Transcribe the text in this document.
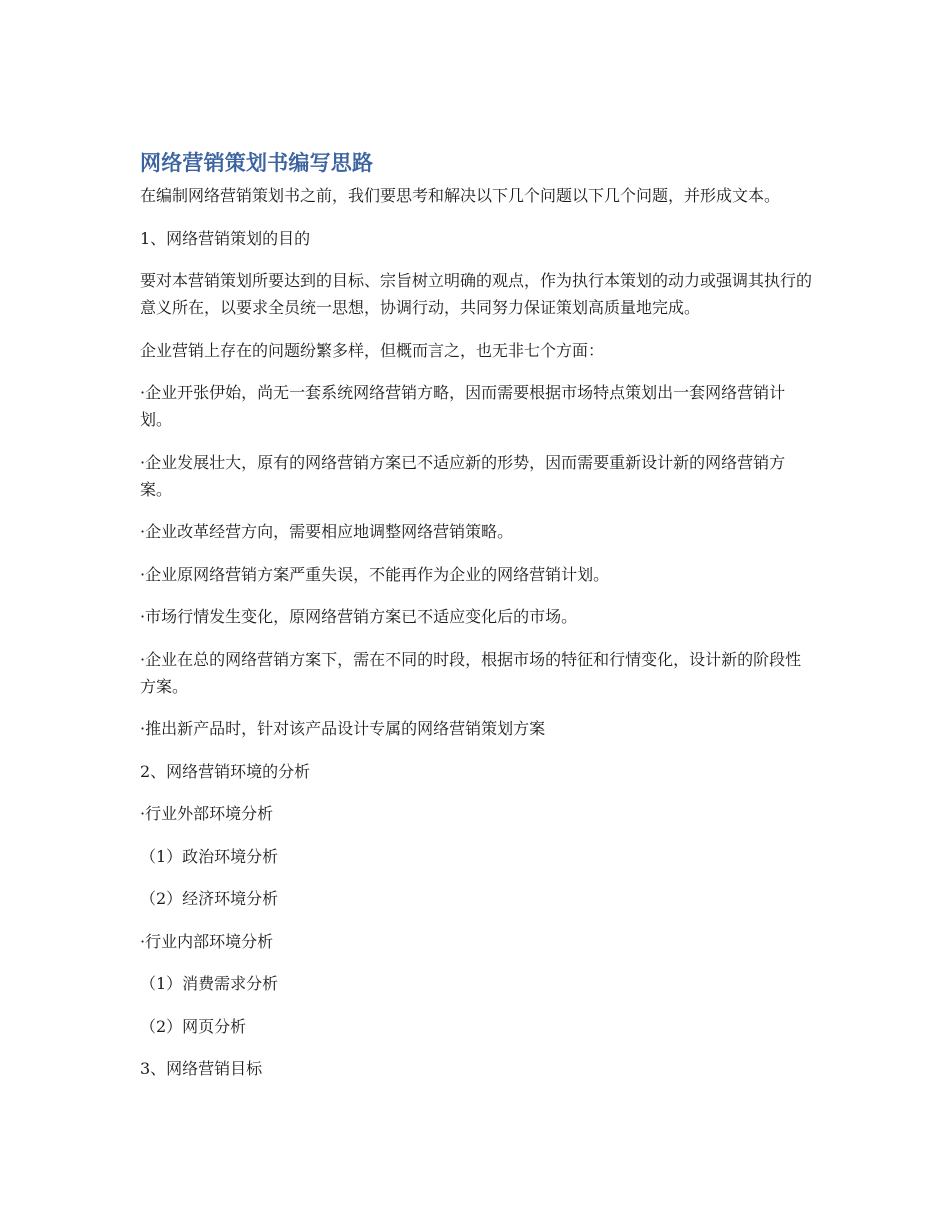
网络营销策划书编写思路

在编制网络营销策划书之前，我们要思考和解决以下几个问题以下几个问题，并形成文本。

1、网络营销策划的目的

要对本营销策划所要达到的目标、宗旨树立明确的观点，作为执行本策划的动力或强调其执行的意义所在，以要求全员统一思想，协调行动，共同努力保证策划高质量地完成。

企业营销上存在的问题纷繁多样，但概而言之，也无非七个方面：

·企业开张伊始，尚无一套系统网络营销方略，因而需要根据市场特点策划出一套网络营销计划。

·企业发展壮大，原有的网络营销方案已不适应新的形势，因而需要重新设计新的网络营销方案。

·企业改革经营方向，需要相应地调整网络营销策略。

·企业原网络营销方案严重失误，不能再作为企业的网络营销计划。

·市场行情发生变化，原网络营销方案已不适应变化后的市场。

·企业在总的网络营销方案下，需在不同的时段，根据市场的特征和行情变化，设计新的阶段性方案。

·推出新产品时，针对该产品设计专属的网络营销策划方案

2、网络营销环境的分析

·行业外部环境分析

（1）政治环境分析

（2）经济环境分析

·行业内部环境分析

（1）消费需求分析

（2）网页分析

3、网络营销目标
